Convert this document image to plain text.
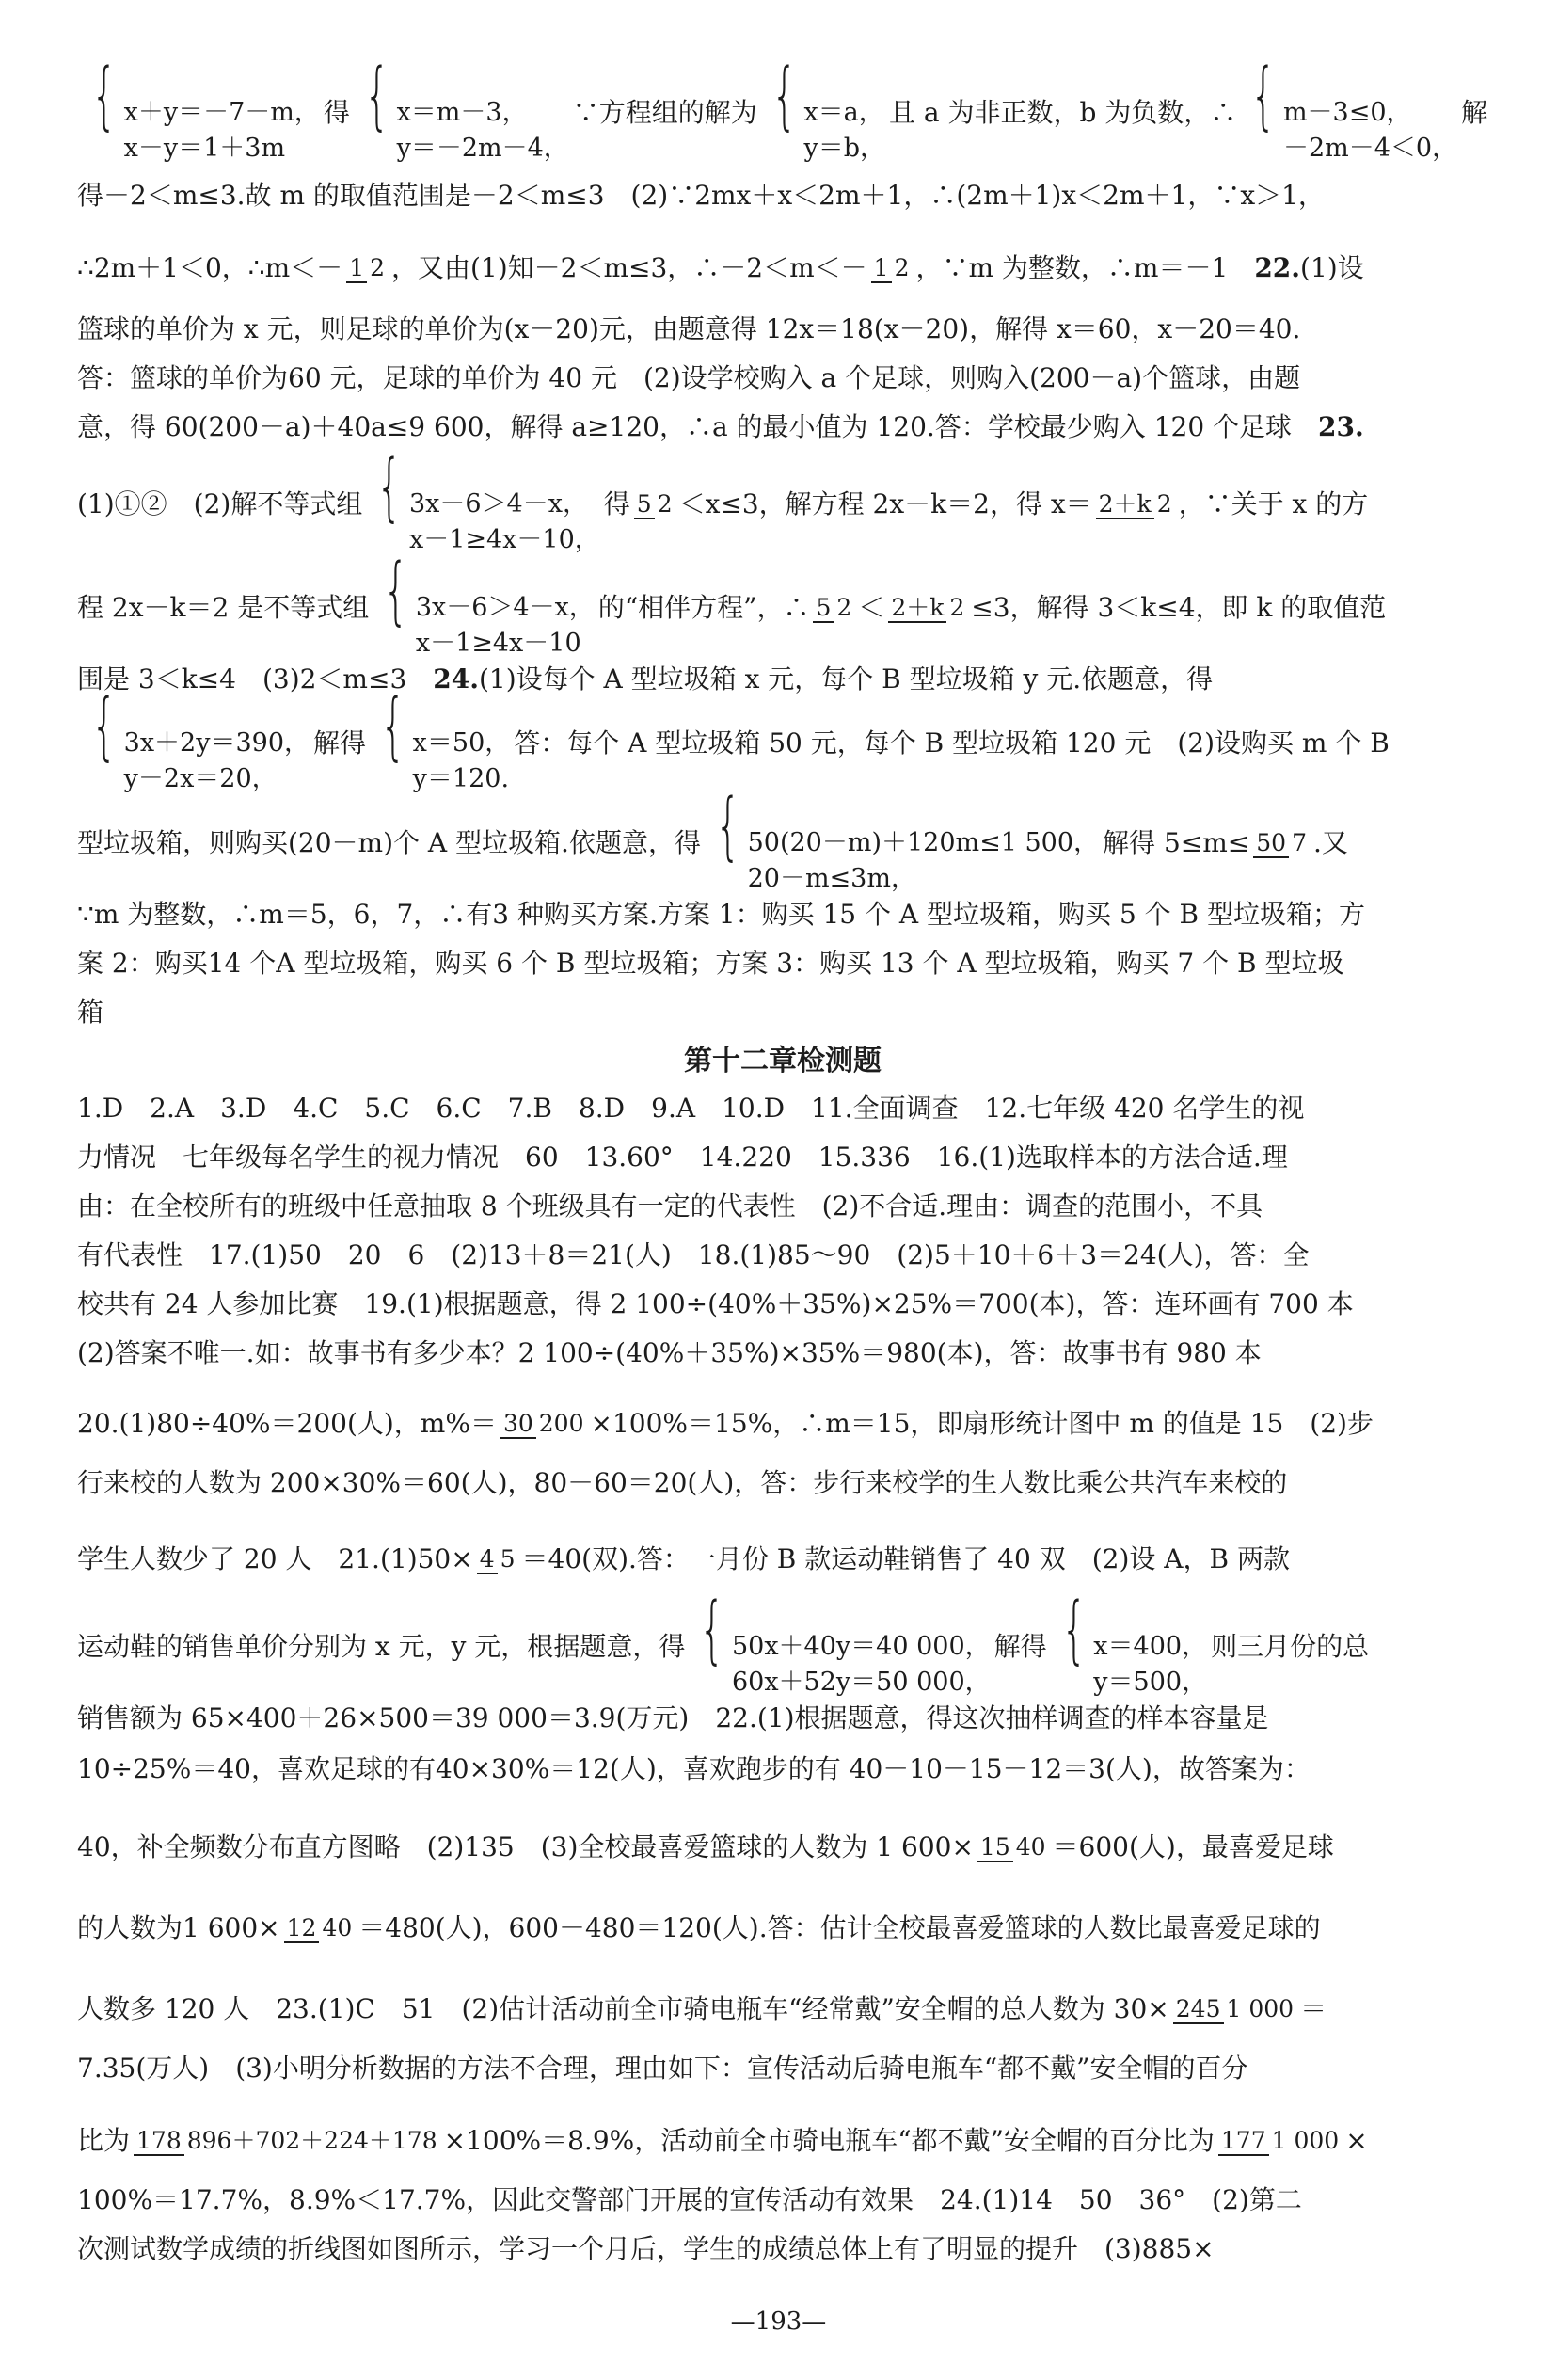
{ x＋y＝－7－m，
x－y＝1＋3m
得 { x＝m－3，
y＝－2m－4，
∵方程组的解为 { x＝a，
y＝b，
且 a 为非正数，b 为负数，∴ { m－3≤0，
－2m－4＜0，
解
得－2＜m≤3.故 m 的取值范围是－2＜m≤3　(2)∵2mx＋x＜2m＋1，∴(2m＋1)x＜2m＋1，∵x＞1，
∴2m＋1＜0，∴m＜－ 1 2 ，又由(1)知－2＜m≤3，∴－2＜m＜－ 1 2 ，∵m 为整数，∴m＝－1　 22. (1)设
篮球的单价为 x 元，则足球的单价为(x－20)元，由题意得 12x＝18(x－20)，解得 x＝60，x－20＝40.
答：篮球的单价为60 元，足球的单价为 40 元　(2)设学校购入 a 个足球，则购入(200－a)个篮球，由题
意，得 60(200－a)＋40a≤9 600，解得 a≥120，∴a 的最小值为 120.答：学校最少购入 120 个足球　 23.
(1)①②　(2)解不等式组 { 3x－6＞4－x，
x－1≥4x－10，
得 5 2 ＜x≤3，解方程 2x－k＝2，得 x＝ 2＋k 2 ，∵关于 x 的方
程 2x－k＝2 是不等式组 { 3x－6＞4－x，
x－1≥4x－10
的“相伴方程”，∴ 5 2 ＜ 2＋k 2 ≤3，解得 3＜k≤4，即 k 的取值范
围是 3＜k≤4　(3)2＜m≤3　 24. (1)设每个 A 型垃圾箱 x 元，每个 B 型垃圾箱 y 元.依题意，得
{ 3x＋2y＝390，
y－2x＝20，
解得 { x＝50，
y＝120.
答：每个 A 型垃圾箱 50 元，每个 B 型垃圾箱 120 元　(2)设购买 m 个 B
型垃圾箱，则购买(20－m)个 A 型垃圾箱.依题意，得 { 50(20－m)＋120m≤1 500，
20－m≤3m，
解得 5≤m≤ 50 7 .又
∵m 为整数，∴m＝5，6，7，∴有3 种购买方案.方案 1：购买 15 个 A 型垃圾箱，购买 5 个 B 型垃圾箱；方
案 2：购买14 个A 型垃圾箱，购买 6 个 B 型垃圾箱；方案 3：购买 13 个 A 型垃圾箱，购买 7 个 B 型垃圾
箱
第十二章检测题
1.D　2.A　3.D　4.C　5.C　6.C　7.B　8.D　9.A　10.D　11.全面调查　12.七年级 420 名学生的视
力情况　七年级每名学生的视力情况　60　13.60°　14.220　15.336　16.(1)选取样本的方法合适.理
由：在全校所有的班级中任意抽取 8 个班级具有一定的代表性　(2)不合适.理由：调查的范围小，不具
有代表性　17.(1)50　20　6　(2)13＋8＝21(人)　18.(1)85～90　(2)5＋10＋6＋3＝24(人)，答：全
校共有 24 人参加比赛　19.(1)根据题意，得 2 100÷(40%＋35%)×25%＝700(本)，答：连环画有 700 本
(2)答案不唯一.如：故事书有多少本？2 100÷(40%＋35%)×35%＝980(本)，答：故事书有 980 本
20.(1)80÷40%＝200(人)，m%＝ 30 200 ×100%＝15%，∴m＝15，即扇形统计图中 m 的值是 15　(2)步
行来校的人数为 200×30%＝60(人)，80－60＝20(人)，答：步行来校学的生人数比乘公共汽车来校的
学生人数少了 20 人　21.(1)50× 4 5 ＝40(双).答：一月份 B 款运动鞋销售了 40 双　(2)设 A，B 两款
运动鞋的销售单价分别为 x 元，y 元，根据题意，得 { 50x＋40y＝40 000，
60x＋52y＝50 000，
解得 { x＝400，
y＝500，
则三月份的总
销售额为 65×400＋26×500＝39 000＝3.9(万元)　22.(1)根据题意，得这次抽样调查的样本容量是
10÷25%＝40，喜欢足球的有40×30%＝12(人)，喜欢跑步的有 40－10－15－12＝3(人)，故答案为：
40，补全频数分布直方图略　(2)135　(3)全校最喜爱篮球的人数为 1 600× 15 40 ＝600(人)，最喜爱足球
的人数为1 600× 12 40 ＝480(人)，600－480＝120(人).答：估计全校最喜爱篮球的人数比最喜爱足球的
人数多 120 人　23.(1)C　51　(2)估计活动前全市骑电瓶车“经常戴”安全帽的总人数为 30× 245 1 000 ＝
7.35(万人)　(3)小明分析数据的方法不合理，理由如下：宣传活动后骑电瓶车“都不戴”安全帽的百分
比为 178 896＋702＋224＋178 ×100%＝8.9%，活动前全市骑电瓶车“都不戴”安全帽的百分比为 177 1 000 ×
100%＝17.7%，8.9%＜17.7%，因此交警部门开展的宣传活动有效果　24.(1)14　50　36°　(2)第二
次测试数学成绩的折线图如图所示，学习一个月后，学生的成绩总体上有了明显的提升　(3)885×
—193—
